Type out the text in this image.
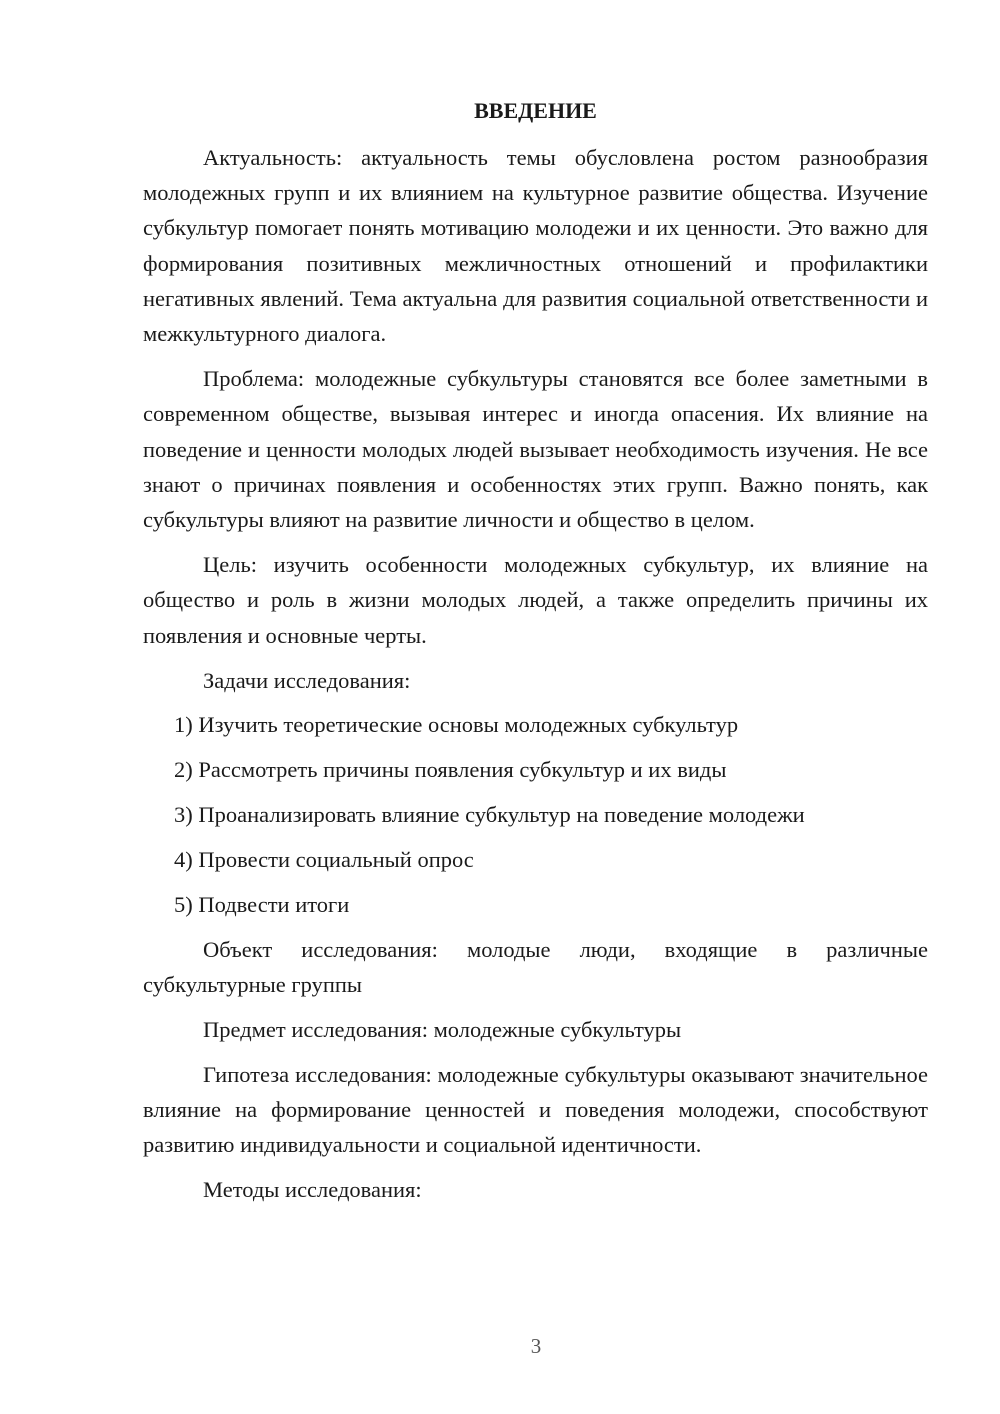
ВВЕДЕНИЕ

Актуальность: актуальность темы обусловлена ростом разнообразия молодежных групп и их влиянием на культурное развитие общества. Изучение субкультур помогает понять мотивацию молодежи и их ценности. Это важно для формирования позитивных межличностных отношений и профилактики негативных явлений. Тема актуальна для развития социальной ответственности и межкультурного диалога.

Проблема: молодежные субкультуры становятся все более заметными в современном обществе, вызывая интерес и иногда опасения. Их влияние на поведение и ценности молодых людей вызывает необходимость изучения. Не все знают о причинах появления и особенностях этих групп. Важно понять, как субкультуры влияют на развитие личности и общество в целом.

Цель: изучить особенности молодежных субкультур, их влияние на общество и роль в жизни молодых людей, а также определить причины их появления и основные черты.

Задачи исследования:

1) Изучить теоретические основы молодежных субкультур
2) Рассмотреть причины появления субкультур и их виды
3) Проанализировать влияние субкультур на поведение молодежи
4) Провести социальный опрос
5) Подвести итоги

Объект исследования: молодые люди, входящие в различные субкультурные группы

Предмет исследования: молодежные субкультуры

Гипотеза исследования: молодежные субкультуры оказывают значительное влияние на формирование ценностей и поведения молодежи, способствуют развитию индивидуальности и социальной идентичности.

Методы исследования:

3
